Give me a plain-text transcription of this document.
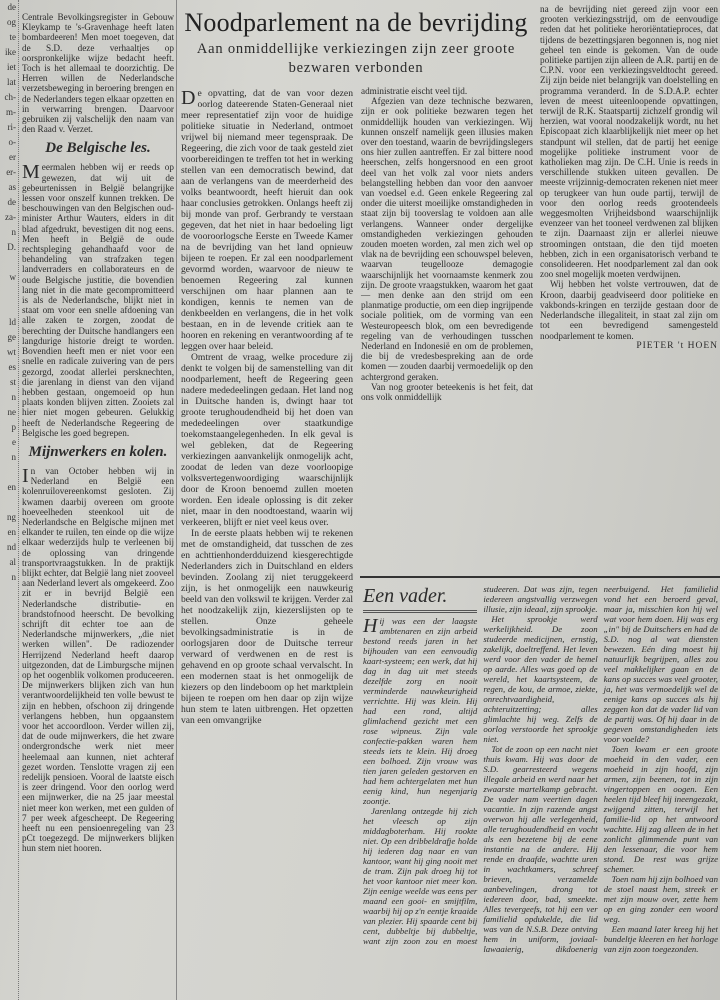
de
og
te
ike
iet
lat
ch-
m-
ri-
o-
er
er-
as
de
za-
n
D.

w

ld
ge
wt
es
st
n
ne
p
e
n

en

ng
en
nd
al
n

Centrale Bevolkingsregister in Gebouw Kleykamp te 's-Gravenhage heeft laten bombardeeren! Men moet toegeven, dat de S.D. deze verhaaltjes op oorspronkelijke wijze bedacht heeft. Toch is het allemaal te doorzichtig. De Herren willen de Nederlandsche verzetsbeweging in beroering brengen en de Nederlanders tegen elkaar opzetten en in verwarring brengen. Daarvoor gebruiken zij valschelijk den naam van den Raad v. Verzet.

De Belgische les.

Meermalen hebben wij er reeds op gewezen, dat wij uit de gebeurtenissen in België belangrijke lessen voor onszelf kunnen trekken. De beschouwingen van den Belgischen oud-minister Arthur Wauters, elders in dit blad afgedrukt, bevestigen dit nog eens. Men heeft in België de oude rechtspleging gehandhaafd voor de behandeling van strafzaken tegen landverraders en collaborateurs en de oude Belgische justitie, die bovendien lang niet in die mate gecompromitteerd is als de Nederlandsche, blijkt niet in staat om voor een snelle afdoening van alle zaken te zorgen, zoodat de berechting der Duitsche handlangers een langdurige historie dreigt te worden. Bovendien heeft men er niet voor een snelle en radicale zuivering van de pers gezorgd, zoodat allerlei persknechten, die jarenlang in dienst van den vijand hebben gestaan, ongemoeid op hun plaats konden blijven zitten. Zooiets zal hier niet mogen gebeuren. Gelukkig heeft de Nederlandsche Regeering de Belgische les goed begrepen.

Mijnwerkers en kolen.

In van October hebben wij in Nederland en België een kolenruilovereenkomst gesloten. Zij kwamen daarbij overeen om groote hoeveelheden steenkool uit de Nederlandsche en Belgische mijnen met elkander te ruilen, ten einde op die wijze elkaar wederzijds hulp te verleenen bij de oplossing van dringende transportvraagstukken. In de praktijk blijkt echter, dat België lang niet zooveel aan Nederland levert als omgekeerd. Zoo zit er in bevrijd België een Nederlandsche distributie- en brandstofnood heerscht. De bevolking schrijft dit echter toe aan de Nederlandsche mijnwerkers, „die niet werken willen". De radiozender Herrijzend Nederland heeft daarop uitgezonden, dat de Limburgsche mijnen op het oogenblik volkomen produceeren. De mijnwerkers blijken zich van hun verantwoordelijkheid ten volle bewust te zijn en hebben, ofschoon zij dringende verlangens hebben, hun opgaanstem voor het accoordloon. Verder willen zij, dat de oude mijnwerkers, die het zware ondergrondsche werk niet meer heelemaal aan kunnen, niet achteraf gezet worden. Tenslotte vragen zij een redelijk pensioen. Vooral de laatste eisch is zeer dringend. Voor den oorlog werd een mijnwerker, die na 25 jaar meestal niet meer kon werken, met een gulden of 7 per week afgescheept. De Regeering heeft nu een pensioenregeling van 23 pCt toegezegd. De mijnwerkers blijken hun stem niet hooren.

Noodparlement na de bevrijding
Aan onmiddellijke verkiezingen zijn zeer groote bezwaren verbonden

De opvatting, dat de van voor dezen oorlog dateerende Staten-Generaal niet meer representatief zijn voor de huidige politieke situatie in Nederland, ontmoet vrijwel bij niemand meer tegenspraak. De Regeering, die zich voor de taak gesteld ziet voorbereidingen te treffen tot het in werking stellen van een democratisch bewind, dat aan de verlangens van de meerderheid des volks beantwoordt, heeft hieruit dan ook haar conclusies getrokken. Onlangs heeft zij bij monde van prof. Gerbrandy te verstaan gegeven, dat het niet in haar bedoeling ligt de vooroorlogsche Eerste en Tweede Kamer na de bevrijding van het land opnieuw bijeen te roepen. Er zal een noodparlement gevormd worden, waarvoor de nieuw te benoemen Regeering zal kunnen verschijnen om haar plannen aan te kondigen, kennis te nemen van de denkbeelden en verlangens, die in het volk bestaan, en in de levende critiek aan te hooren en rekening en verantwoording af te leggen over haar beleid.

Omtrent de vraag, welke procedure zij denkt te volgen bij de samenstelling van dit noodparlement, heeft de Regeering geen nadere mededeelingen gedaan. Het land nog in Duitsche handen is, dwingt haar tot groote terughoudendheid bij het doen van mededeelingen over staatkundige toekomstaangelegenheden. In elk geval is wel gebleken, dat de Regeering verkiezingen aanvankelijk onmogelijk acht, zoodat de leden van deze voorloopige volksvertegenwoordiging waarschijnlijk door de Kroon benoemd zullen moeten worden. Een ideale oplossing is dit zeker niet, maar in den noodtoestand, waarin wij verkeeren, blijft er niet veel keus over.

In de eerste plaats hebben wij te rekenen met de omstandigheid, dat tusschen de zes en achttienhonderdduizend kiesgerechtigde Nederlanders zich in Duitschland en elders bevinden. Zoolang zij niet teruggekeerd zijn, is het onmogelijk een nauwkeurig beeld van den volkswil te krijgen. Verder zal het noodzakelijk zijn, kiezerslijsten op te stellen. Onze geheele bevolkingsadministratie is in de oorlogsjaren door de Duitsche terreur verward of verdwenen en de rest is gehavend en op groote schaal vervalscht. In een modernen staat is het onmogelijk de kiezers op den lindeboom op het marktplein bijeen te roepen om hen daar op zijn wijze hun stem te laten uitbrengen. Het opzetten van een omvangrijke

administratie eischt veel tijd.

Afgezien van deze technische bezwaren, zijn er ook politieke bezwaren tegen het onmiddellijk houden van verkiezingen. Wij kunnen onszelf namelijk geen illusies maken over den toestand, waarin de bevrijdingslegers ons hier zullen aantreffen. Er zal bittere nood heerschen, zelfs hongersnood en een groot deel van het volk zal voor niets anders belangstelling hebben dan voor den aanvoer van voedsel e.d. Geen enkele Regeering zal onder die uiterst moeilijke omstandigheden in staat zijn bij tooverslag te voldoen aan alle verlangens. Wanneer onder dergelijke omstandigheden verkiezingen gehouden zouden moeten worden, zal men zich wel op vlak na de bevrijding een schouwspel beleven, waarvan teugellooze demagogie waarschijnlijk het voornaamste kenmerk zou zijn. De groote vraagstukken, waarom het gaat — men denke aan den strijd om een planmatige productie, om een diep ingrijpende sociale politiek, om de vorming van een Westeuropeesch blok, om een bevredigende regeling van de verhoudingen tusschen Nederland en Indonesië en om de problemen, die bij de vredesbespreking aan de orde komen — zouden daarbij vermoedelijk op den achtergrond geraken.

Van nog grooter beteekenis is het feit, dat ons volk onmiddellijk

na de bevrijding niet gereed zijn voor een grooten verkiezingsstrijd, om de eenvoudige reden dat het politieke heroriëntatieproces, dat tijdens de bezettingsjaren begonnen is, nog niet geheel ten einde is gekomen. Van de oude politieke partijen zijn alleen de A.R. partij en de C.P.N. voor een verkiezingsveldtocht gereed. Zij zijn beide niet belangrijk van doelstelling en programma veranderd. In de S.D.A.P. echter leven de meest uiteenloopende opvattingen, terwijl de R.K. Staatspartij zichzelf grondig wil herzien, wat vooral noodzakelijk wordt, nu het Episcopaat zich klaarblijkelijk niet meer op het standpunt wil stellen, dat de partij het eenige mogelijke politieke instrument voor de katholieken mag zijn. De C.H. Unie is reeds in verschillende stukken uiteen gevallen. De meeste vrijzinnig-democraten rekenen niet meer op terugkeer van hun oude partij, terwijl de voor den oorlog reeds grootendeels weggesmolten Vrijheidsbond waarschijnlijk evenzeer van het tooneel verdwenen zal blijken te zijn. Daarnaast zijn er allerlei nieuwe stroomingen ontstaan, die den tijd moeten hebben, zich in een organisatorisch verband te consolideeren. Het noodparlement zal dan ook zoo snel mogelijk moeten verdwijnen.

Wij hebben het volste vertrouwen, dat de Kroon, daarbij geadviseerd door politieke en vakbonds-kringen en terzijde gestaan door de Nederlandsche illegaliteit, in staat zal zijn om tot een bevredigend samengesteld noodparlement te komen.

PIETER 't HOEN

Een vader.

Hij was een der laagste ambtenaren en zijn arbeid bestond reeds jaren in het bijhouden van een eenvoudig kaart-systeem; een werk, dat hij dag in dag uit met steeds dezelfde zorg en nooit verminderde nauwkeurigheid verrichtte. Hij was klein. Hij had een rond, altijd glimlachend gezicht met een rose wipneus. Zijn vale confectie-pakken waren hem steeds iets te klein. Hij droeg een bolhoed. Zijn vrouw was tien jaren geleden gestorven en had hem achtergelaten met hun eenig kind, hun negenjarig zoontje.

Jarenlang ontzegde hij zich het vleesch op zijn middagboterham. Hij rookte niet. Op een dribbeldrafje holde hij iederen dag naar en van kantoor, want hij ging nooit met de tram. Zijn pak droeg hij tot het voor kantoor niet meer kon. Zijn eenige weelde was eens per maand een gooi- en smijtfilm, waarbij hij op z'n eentje kraaide van plezier. Hij spaarde cent bij cent, dubbeltje bij dubbeltje, want zijn zoon zou en moest studeeren. Dat was zijn, tegen iedereen angstvallig verzwegen illusie, zijn ideaal, zijn sprookje.

Het sprookje werd werkelijkheid. De zoon studeerde medicijnen, ernstig, zakelijk, doeltreffend. Het leven werd voor den vader de hemel op aarde. Alles was goed op de wereld, het kaartsysteem, de regen, de kou, de armoe, ziekte, onrechtvaardigheid, achteruitzetting; alles glimlachte hij weg. Zelfs de oorlog verstoorde het sprookje niet.

Tot de zoon op een nacht niet thuis kwam. Hij was door de S.D. gearresteerd wegens illegale arbeid en werd naar het zwaarste martelkamp gebracht. De vader nam veertien dagen vacantie. In zijn razende angst overwon hij alle verlegenheid, alle terughoudendheid en vocht als een bezetene bij de eene instantie na de andere. Hij rende en draafde, wachtte uren in wachtkamers, schreef brieven, verzamelde aanbevelingen, drong tot iedereen door, bad, smeekte. Alles tevergeefs, tot hij een ver familielid opdukelde, die lid was van de N.S.B. Deze ontving hem in uniform, joviaal-lawaaierig, dikdoenerig neerbuigend. Het familielid vond het een beroerd geval, maar ja, misschien kon hij wel wat voor hem doen. Hij was erg „in" bij de Duitschers en had de S.D. nog al wat diensten bewezen. Eén ding moest hij natuurlijk begrijpen, alles zou veel makkelijker gaan en de kans op succes was veel grooter, ja, het was vermoedelijk wel de eenige kans op succes als hij zeggen kon dat de vader lid van de partij was. Of hij daar in de gegeven omstandigheden iets voor voelde?

Toen kwam er een groote moeheid in den vader, een moeheid in zijn hoofd, zijn armen, zijn beenen, tot in zijn vingertoppen en oogen. Een heelen tijd bleef hij ineengezakt, zwijgend zitten, terwijl het familie-lid op het antwoord wachtte. Hij zag alleen de in het zonlicht glimmende punt van den lessenaar, die voor hem stond. De rest was grijze schemer.

Toen nam hij zijn bolhoed van de stoel naast hem, streek er met zijn mouw over, zette hem op en ging zonder een woord weg.

Een maand later kreeg hij het bundeltje kleeren en het horloge van zijn zoon toegezonden.
